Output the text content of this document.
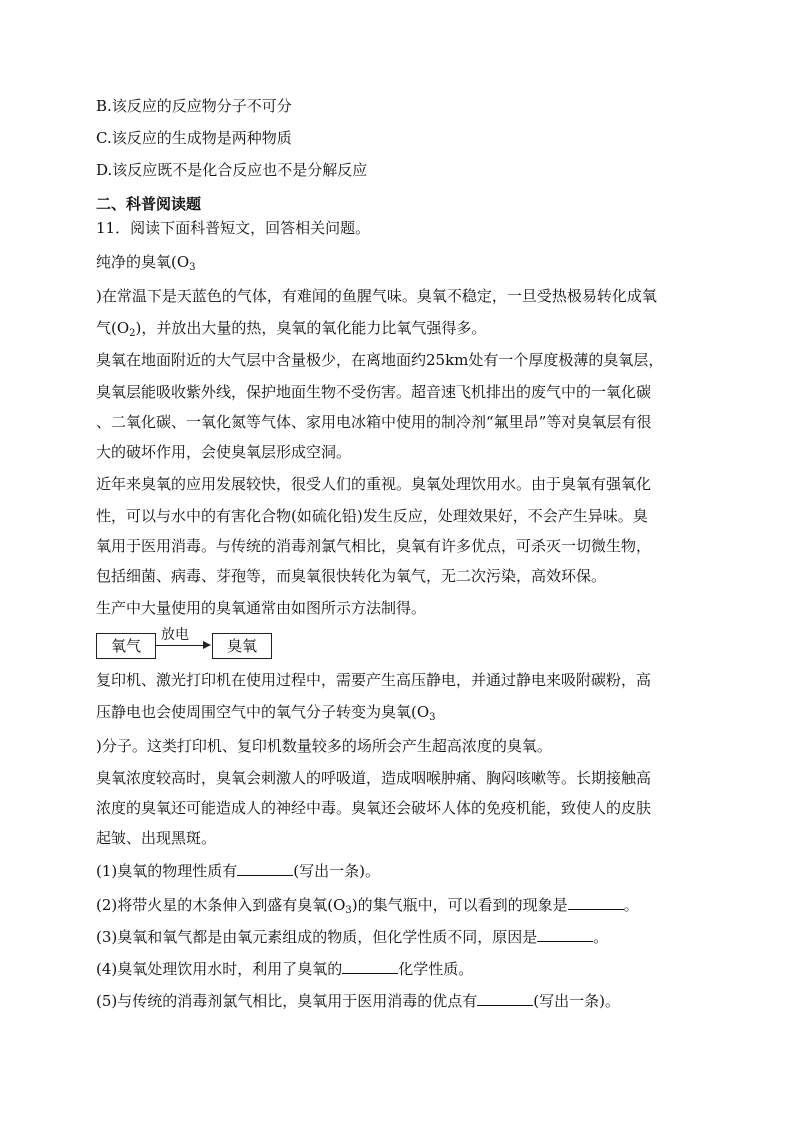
B.该反应的反应物分子不可分
C.该反应的生成物是两种物质
D.该反应既不是化合反应也不是分解反应
二、科普阅读题
11．阅读下面科普短文，回答相关问题。
纯净的臭氧($O_3$
)在常温下是天蓝色的气体，有难闻的鱼腥气味。臭氧不稳定，一旦受热极易转化成氧
气$(O_2)$，并放出大量的热，臭氧的氧化能力比氧气强得多。
臭氧在地面附近的大气层中含量极少，在离地面约25km处有一个厚度极薄的臭氧层，
臭氧层能吸收紫外线，保护地面生物不受伤害。超音速飞机排出的废气中的一氧化碳
、二氧化碳、一氧化氮等气体、家用电冰箱中使用的制冷剂“氟里昂”等对臭氧层有很
大的破坏作用，会使臭氧层形成空洞。
近年来臭氧的应用发展较快，很受人们的重视。臭氧处理饮用水。由于臭氧有强氧化
性，可以与水中的有害化合物(如硫化铅)发生反应，处理效果好，不会产生异味。臭
氧用于医用消毒。与传统的消毒剂氯气相比，臭氧有许多优点，可杀灭一切微生物，
包括细菌、病毒、芽孢等，而臭氧很快转化为氧气，无二次污染，高效环保。
生产中大量使用的臭氧通常由如图所示方法制得。
氧气
放电
臭氧
复印机、激光打印机在使用过程中，需要产生高压静电，并通过静电来吸附碳粉，高
压静电也会使周围空气中的氧气分子转变为臭氧($O_3$
)分子。这类打印机、复印机数量较多的场所会产生超高浓度的臭氧。
臭氧浓度较高时，臭氧会刺激人的呼吸道，造成咽喉肿痛、胸闷咳嗽等。长期接触高
浓度的臭氧还可能造成人的神经中毒。臭氧还会破坏人体的免疫机能，致使人的皮肤
起皱、出现黑斑。
(1)臭氧的物理性质有	(写出一条)。
(2)将带火星的木条伸入到盛有臭氧$(O_3)$的集气瓶中，可以看到的现象是	。
(3)臭氧和氧气都是由氧元素组成的物质，但化学性质不同，原因是	。
(4)臭氧处理饮用水时，利用了臭氧的	化学性质。
(5)与传统的消毒剂氯气相比，臭氧用于医用消毒的优点有	(写出一条)。
